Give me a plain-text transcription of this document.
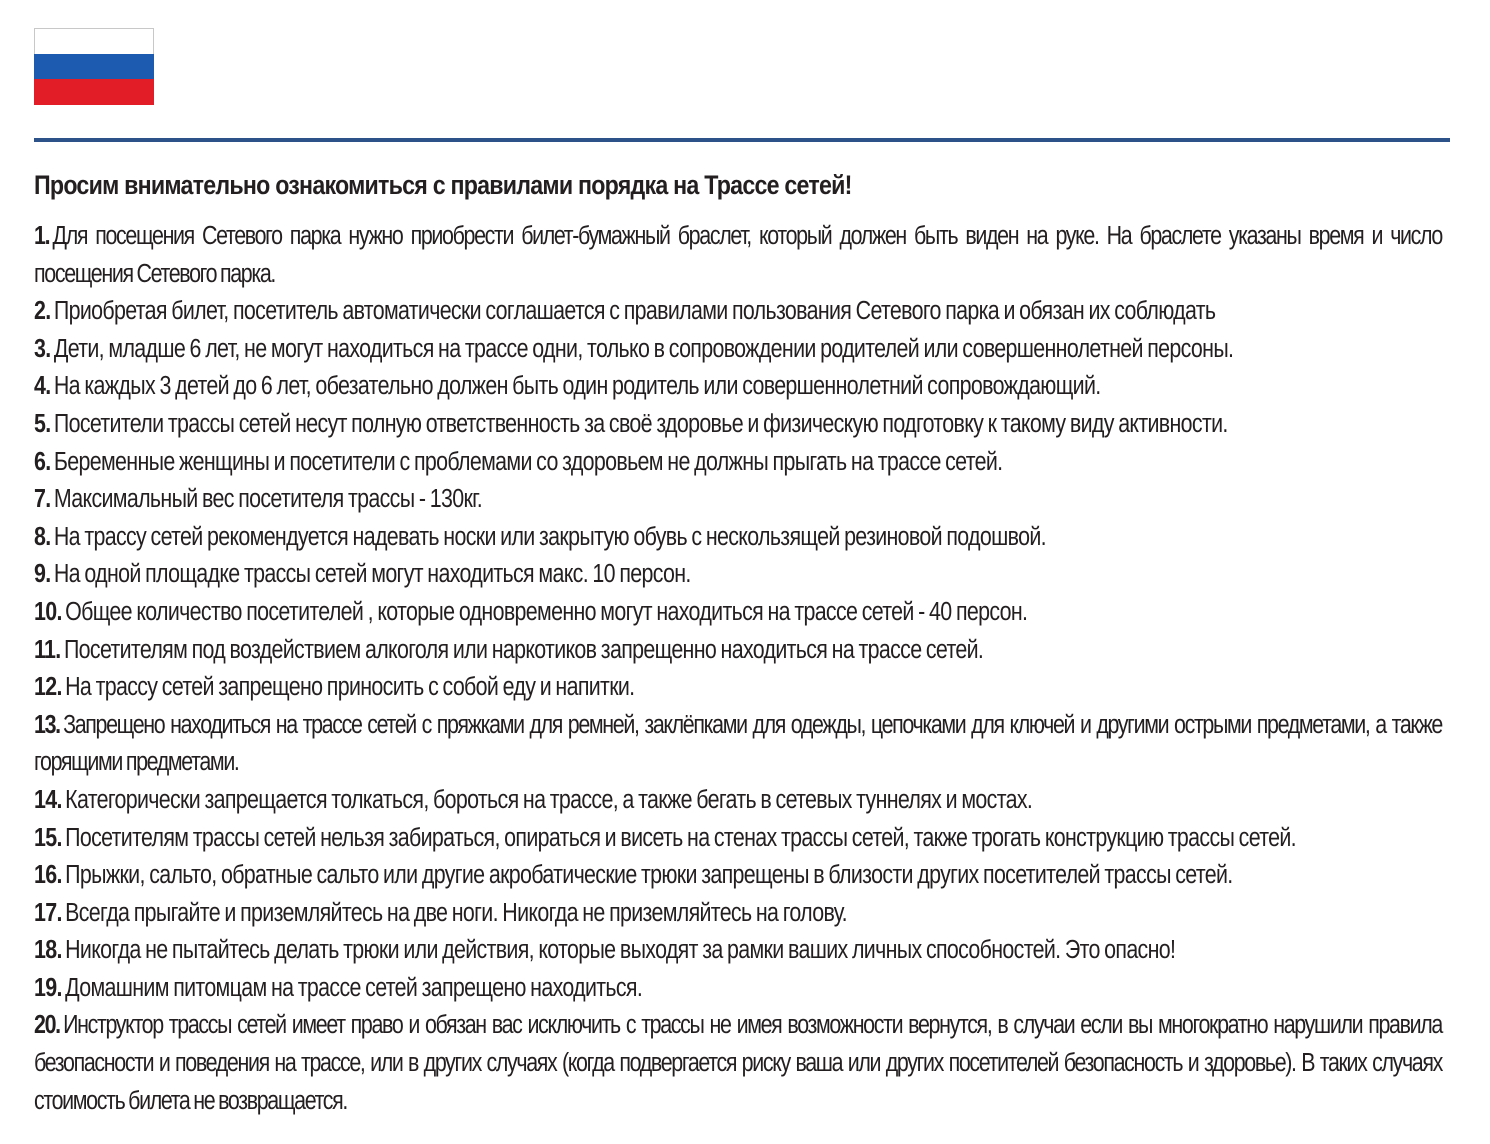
Просим внимательно ознакомиться с правилами порядка на Трассе сетей!
1. Для посещения Сетевого парка нужно приобрести билет-бумажный браслет, который должен быть виден на руке. На браслете указаны время и число посещения Сетевого парка.
2. Приобретая билет, посетитель автоматически соглашается с правилами пользования Сетевого парка и обязан их соблюдать
3. Дети, младше 6 лет, не могут находиться на трассе одни, только в сопровождении родителей или совершеннолетней персоны.
4. На каждых 3 детей до 6 лет, обезательно должен быть один родитель или совершеннолетний сопровождающий.
5. Посетители трассы сетей несут полную ответственность за своё здоровье и физическую подготовку к такому виду активности.
6. Беременные женщины и посетители с проблемами со здоровьем не должны прыгать на трассе сетей.
7. Максимальный вес посетителя трассы - 130кг.
8. На трассу сетей рекомендуется надевать носки или закрытую обувь с нескользящей резиновой подошвой.
9. На одной площадке трассы сетей могут находиться макс. 10 персон.
10. Общее количество посетителей , которые одновременно могут находиться на трассе сетей - 40 персон.
11. Посетителям под воздействием алкоголя или наркотиков запрещенно находиться на трассе сетей.
12. На трассу сетей запрещено приносить с собой еду и напитки.
13. Запрещено находиться на трассе сетей с пряжками для ремней, заклёпками для одежды, цепочками для ключей и другими острыми предметами, а также горящими предметами.
14. Категорически запрещается толкаться, бороться на трассе, а также бегать в сетевых туннелях и мостах.
15. Посетителям трассы сетей нельзя забираться, опираться и висеть на стенах трассы сетей, также трогать конструкцию трассы сетей.
16. Прыжки, сальто, обратные сальто или другие акробатические трюки запрещены в близости других посетителей трассы сетей.
17. Всегда прыгайте и приземляйтесь на две ноги. Никогда не приземляйтесь на голову.
18. Никогда не пытайтесь делать трюки или действия, которые выходят за рамки ваших личных способностей. Это опасно!
19. Домашним питомцам на трассе сетей запрещено находиться.
20. Инструктор трассы сетей имеет право и обязан вас исключить с трассы не имея возможности вернутся, в случаи если вы многократно нарушили правила безопасности и поведения на трассе, или в других случаях (когда подвергается риску ваша или других посетителей безопасность и здоровье). В таких случаях стоимость билета не возвращается.
